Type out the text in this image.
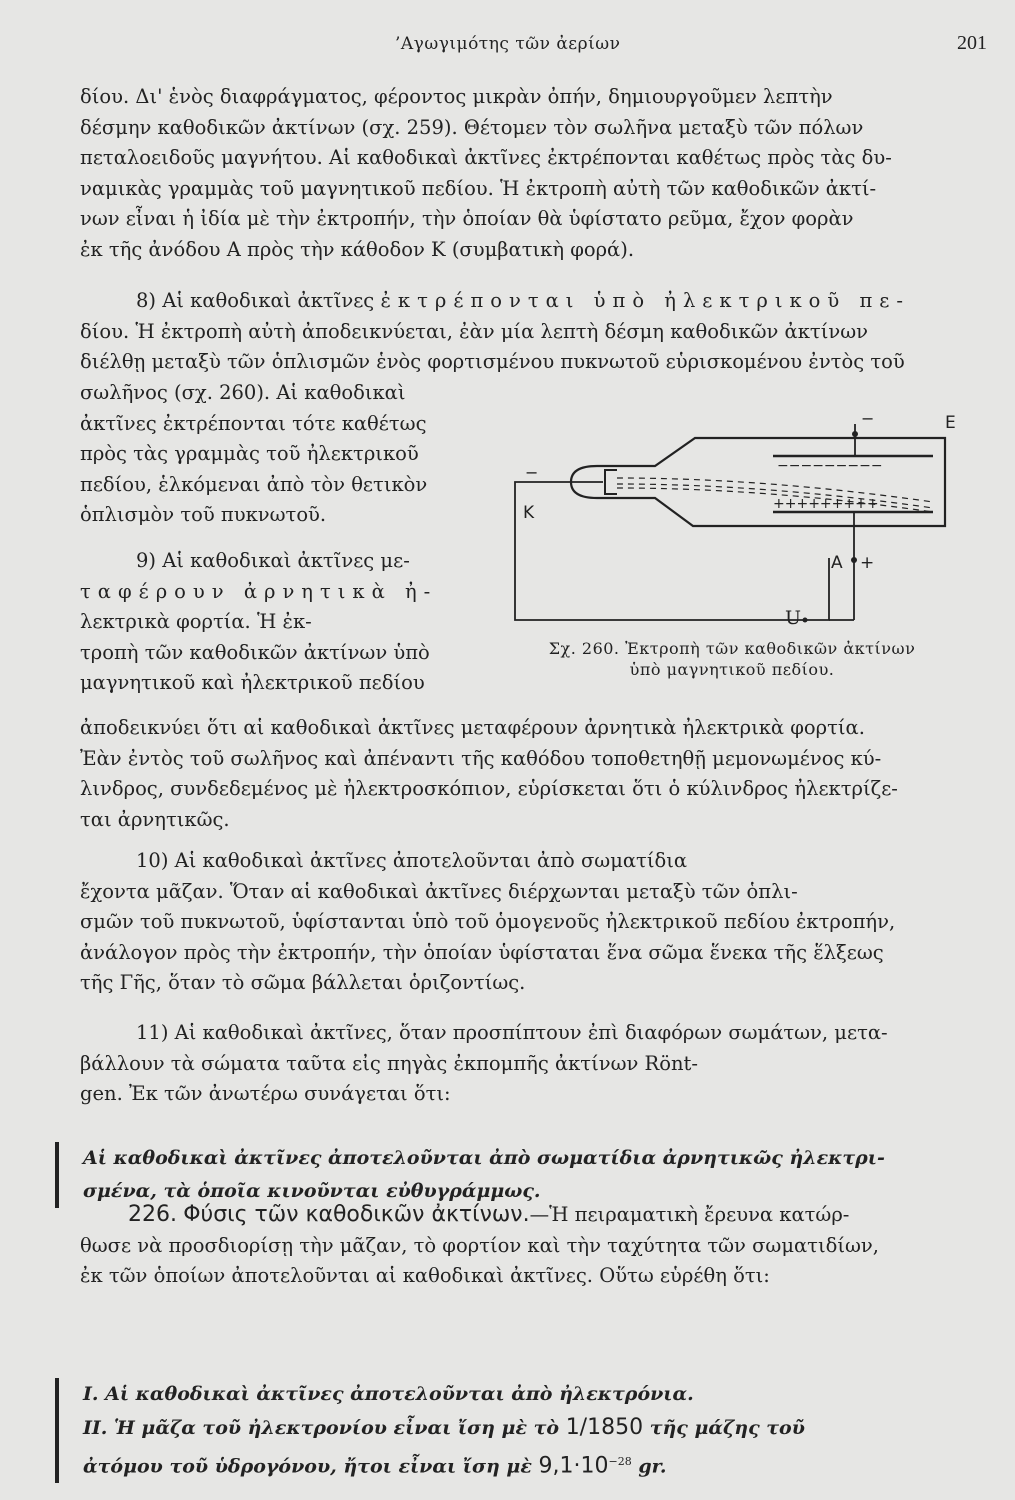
’Αγωγιμότης τῶν ἀερίων	201
δίου. Δι' ἑνὸς διαφράγματος, φέροντος μικρὰν ὀπήν, δημιουργοῦμεν λεπτὴν
δέσμην καθοδικῶν ἀκτίνων (σχ. 259). Θέτομεν τὸν σωλῆνα μεταξὺ τῶν πόλων
πεταλοειδοῦς μαγνήτου. Αἱ καθοδικαὶ ἀκτῖνες ἐκτρέπονται καθέτως πρὸς τὰς δυ-
ναμικὰς γραμμὰς τοῦ μαγνητικοῦ πεδίου. Ἡ ἐκτροπὴ αὐτὴ τῶν καθοδικῶν ἀκτί-
νων εἶναι ἡ ἰδία μὲ τὴν ἐκτροπήν, τὴν ὁποίαν θὰ ὑφίστατο ρεῦμα, ἔχον φορὰν
ἐκ τῆς ἀνόδου Α πρὸς τὴν κάθοδον Κ (συμβατικὴ φορά).
8) Αἱ καθοδικαὶ ἀκτῖνες ἐκτρέπονται ὑπὸ ἠλεκτρικοῦ πε-
δίου. Ἡ ἐκτροπὴ αὐτὴ ἀποδεικνύεται, ἐὰν μία λεπτὴ δέσμη καθοδικῶν ἀκτίνων
διέλθῃ μεταξὺ τῶν ὁπλισμῶν ἑνὸς φορτισμένου πυκνωτοῦ εὑρισκομένου ἐντὸς τοῦ
σωλῆνος (σχ. 260). Αἱ καθοδικαὶ
ἀκτῖνες ἐκτρέπονται τότε καθέτως
πρὸς τὰς γραμμὰς τοῦ ἠλεκτρικοῦ
πεδίου, ἑλκόμεναι ἀπὸ τὸν θετικὸν
ὁπλισμὸν τοῦ πυκνωτοῦ.
9) Αἱ καθοδικαὶ ἀκτῖνες με-
ταφέρουν ἀρνητικὰ ἠ-
λεκτρικὰ φορτία. Ἡ ἐκ-
τροπὴ τῶν καθοδικῶν ἀκτίνων ὑπὸ
μαγνητικοῦ καὶ ἠλεκτρικοῦ πεδίου
ἀποδεικνύει ὅτι αἱ καθοδικαὶ ἀκτῖνες μεταφέρουν ἀρνητικὰ ἠλεκτρικὰ φορτία.
Ἐὰν ἐντὸς τοῦ σωλῆνος καὶ ἀπέναντι τῆς καθόδου τοποθετηθῇ μεμονωμένος κύ-
λινδρος, συνδεδεμένος μὲ ἠλεκτροσκόπιον, εὑρίσκεται ὅτι ὁ κύλινδρος ἠλεκτρίζε-
ται ἀρνητικῶς.
10) Αἱ καθοδικαὶ ἀκτῖνες ἀποτελοῦνται ἀπὸ σωματίδια
ἔχοντα μᾶζαν. Ὅταν αἱ καθοδικαὶ ἀκτῖνες διέρχωνται μεταξὺ τῶν ὁπλι-
σμῶν τοῦ πυκνωτοῦ, ὑφίστανται ὑπὸ τοῦ ὁμογενοῦς ἠλεκτρικοῦ πεδίου ἐκτροπήν,
ἀνάλογον πρὸς τὴν ἐκτροπήν, τὴν ὁποίαν ὑφίσταται ἕνα σῶμα ἕνεκα τῆς ἕλξεως
τῆς Γῆς, ὅταν τὸ σῶμα βάλλεται ὁριζοντίως.
11) Αἱ καθοδικαὶ ἀκτῖνες, ὅταν προσπίπτουν ἐπὶ διαφόρων σωμάτων, μετα-
βάλλουν τὰ σώματα ταῦτα εἰς πηγὰς ἐκπομπῆς ἀκτίνων Rönt-
gen. Ἐκ τῶν ἀνωτέρω συνάγεται ὅτι:
Αἱ καθοδικαὶ ἀκτῖνες ἀποτελοῦνται ἀπὸ σωματίδια ἀρνητικῶς ἠλεκτρι-
σμένα, τὰ ὁποῖα κινοῦνται εὐθυγράμμως.
226. Φύσις τῶν καθοδικῶν ἀκτίνων.—Ἡ πειραματικὴ ἔρευνα κατώρ-
θωσε νὰ προσδιορίσῃ τὴν μᾶζαν, τὸ φορτίον καὶ τὴν ταχύτητα τῶν σωματιδίων,
ἐκ τῶν ὁποίων ἀποτελοῦνται αἱ καθοδικαὶ ἀκτῖνες. Οὕτω εὑρέθη ὅτι:
I. Αἱ καθοδικαὶ ἀκτῖνες ἀποτελοῦνται ἀπὸ ἠλεκτρόνια.
II. Ἡ μᾶζα τοῦ ἠλεκτρονίου εἶναι ἴση μὲ τὸ 1/1850 τῆς μάζης τοῦ
ἀτόμου τοῦ ὑδρογόνου, ἤτοι εἶναι ἴση μὲ $9,1\cdot 10^{-28}$ gr.
−−−−−−−−−
+++++++++
K
E
A +
U
−
−
Σχ. 260. Ἐκτροπὴ τῶν καθοδικῶν ἀκτίνων
ὑπὸ μαγνητικοῦ πεδίου.
